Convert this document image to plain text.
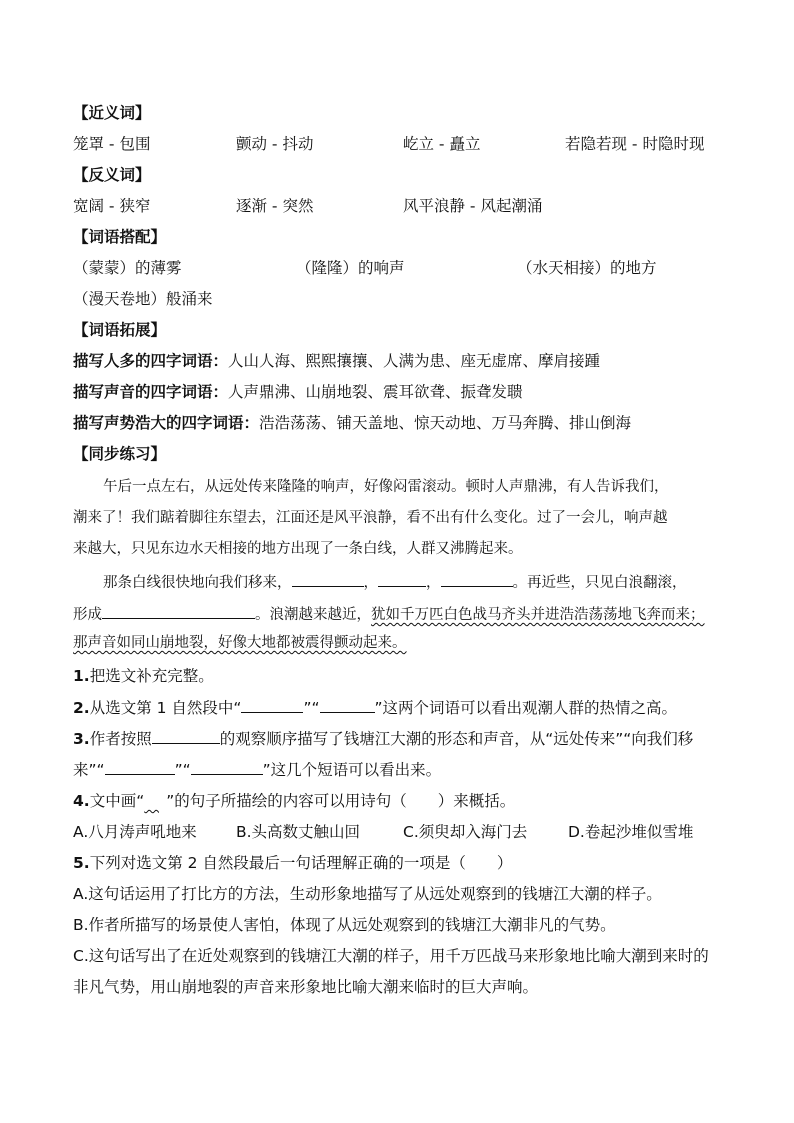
【近义词】
笼罩 - 包围	颤动 - 抖动	屹立 - 矗立	若隐若现 - 时隐时现
【反义词】
宽阔 - 狭窄	逐渐 - 突然	风平浪静 - 风起潮涌
【词语搭配】
（蒙蒙）的薄雾	（隆隆）的响声	（水天相接）的地方
（漫天卷地）般涌来
【词语拓展】
描写人多的四字词语：人山人海、熙熙攘攘、人满为患、座无虚席、摩肩接踵
描写声音的四字词语：人声鼎沸、山崩地裂、震耳欲聋、振聋发聩
描写声势浩大的四字词语：浩浩荡荡、铺天盖地、惊天动地、万马奔腾、排山倒海
【同步练习】
午后一点左右，从远处传来隆隆的响声，好像闷雷滚动。顿时人声鼎沸，有人告诉我们，
潮来了！我们踮着脚往东望去，江面还是风平浪静，看不出有什么变化。过了一会儿，响声越
来越大，只见东边水天相接的地方出现了一条白线，人群又沸腾起来。
那条白线很快地向我们移来，	，	，	。再近些，只见白浪翻滚，
形成	。浪潮越来越近，犹如千万匹白色战马齐头并进浩浩荡荡地飞奔而来；
那声音如同山崩地裂，好像大地都被震得颤动起来。
1.把选文补充完整。
2.从选文第 1 自然段中“	”“	”这两个词语可以看出观潮人群的热情之高。
3.作者按照	的观察顺序描写了钱塘江大潮的形态和声音，从“远处传来”“向我们移
来”“	”“	”这几个短语可以看出来。
4.文中画“ ”的句子所描绘的内容可以用诗句（　　）来概括。
A.八月涛声吼地来	B.头高数丈触山回	C.须臾却入海门去	D.卷起沙堆似雪堆
5.下列对选文第 2 自然段最后一句话理解正确的一项是（　　）
A.这句话运用了打比方的方法，生动形象地描写了从远处观察到的钱塘江大潮的样子。
B.作者所描写的场景使人害怕，体现了从远处观察到的钱塘江大潮非凡的气势。
C.这句话写出了在近处观察到的钱塘江大潮的样子，用千万匹战马来形象地比喻大潮到来时的
非凡气势，用山崩地裂的声音来形象地比喻大潮来临时的巨大声响。
